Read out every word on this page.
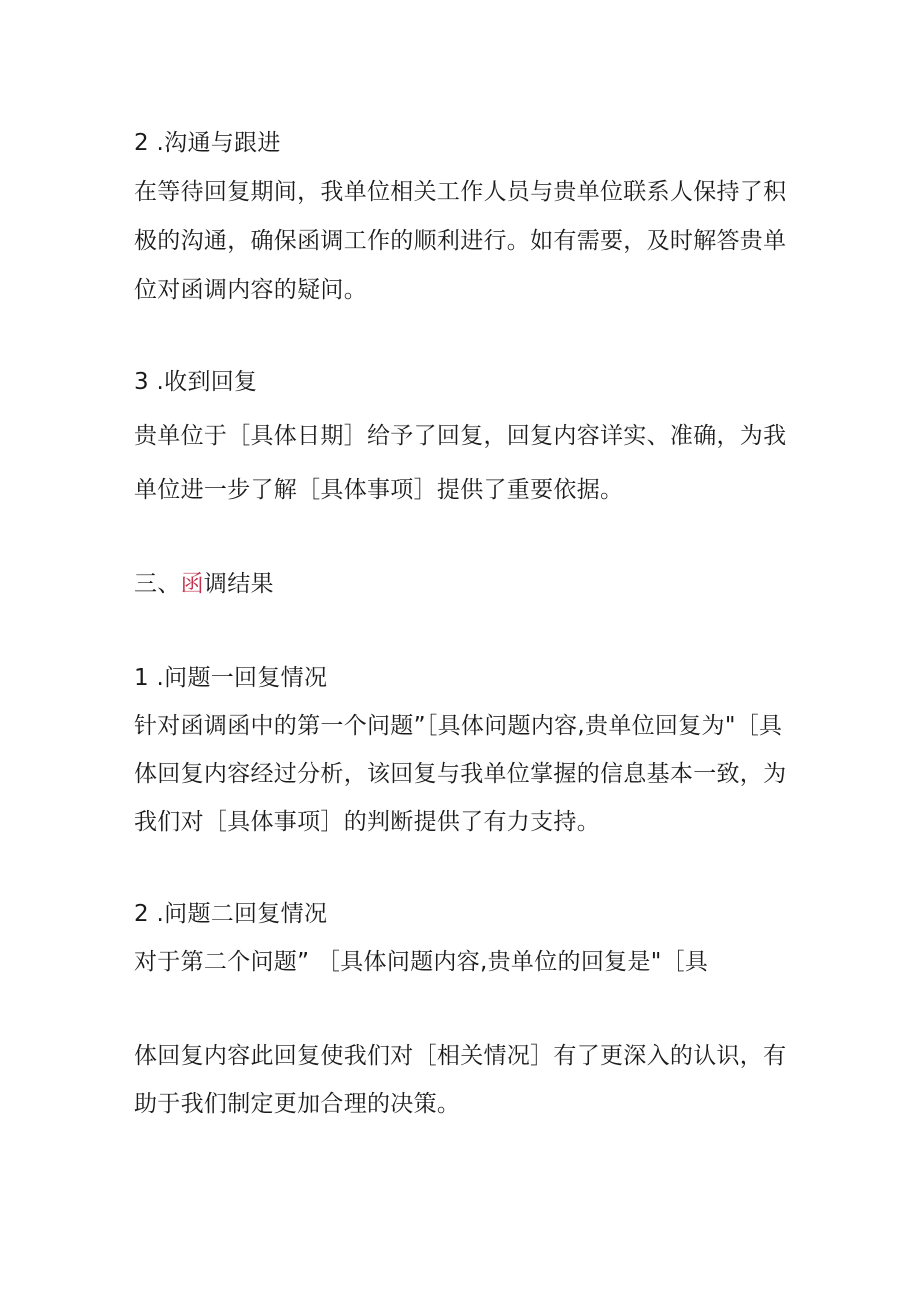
2 .沟通与跟进
在等待回复期间，我单位相关工作人员与贵单位联系人保持了积
极的沟通，确保函调工作的顺利进行。如有需要，及时解答贵单
位对函调内容的疑问。
3 .收到回复
贵单位于［具体日期］给予了回复，回复内容详实、准确，为我
单位进一步了解［具体事项］提供了重要依据。
三、函调结果
1 .问题一回复情况
针对函调函中的第一个问题”［具体问题内容,贵单位回复为"［具
体回复内容经过分析，该回复与我单位掌握的信息基本一致，为
我们对［具体事项］的判断提供了有力支持。
2 .问题二回复情况
对于第二个问题” ［具体问题内容,贵单位的回复是"［具
体回复内容此回复使我们对［相关情况］有了更深入的认识，有
助于我们制定更加合理的决策。
